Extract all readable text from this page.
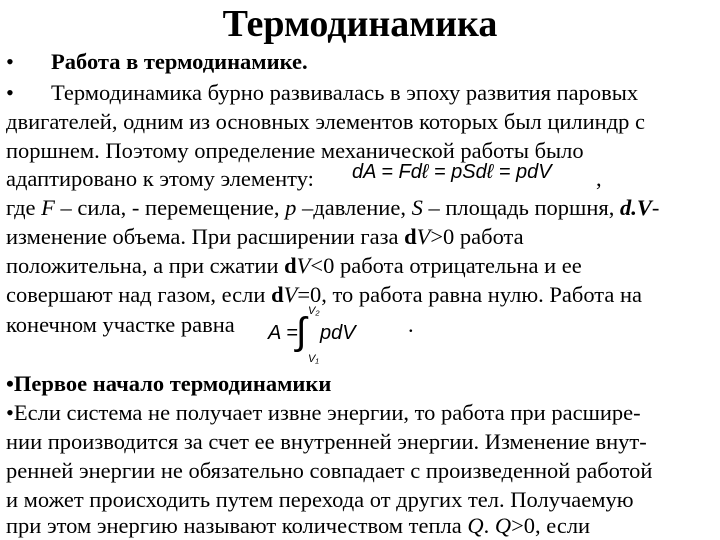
Термодинамика
• Работа в термодинамике.
• Термодинамика бурно развивалась в эпоху развития паровых
двигателей, одним из основных элементов которых был цилиндр с
поршнем. Поэтому определение механической работы было
адаптировано к этому элементу:	,
dA = Fdℓ = pSdℓ = pdV
где F – сила, - перемещение, p –давление, S – площадь поршня, d.V-
изменение объема. При расширении газа dV>0 работа
положительна, а при сжатии dV<0 работа отрицательна и ее
совершают над газом, если dV=0, то работа равна нулю. Работа на
конечном участке равна	.
A =
∫ V₂
V₁
pdV
•Первое начало термодинамики
•Если система не получает извне энергии, то работа при расшире-
нии производится за счет ее внутренней энергии. Изменение внут-
ренней энергии не обязательно совпадает с произведенной работой
и может происходить путем перехода от других тел. Получаемую
при этом энергию называют количеством тепла Q. Q>0, если
